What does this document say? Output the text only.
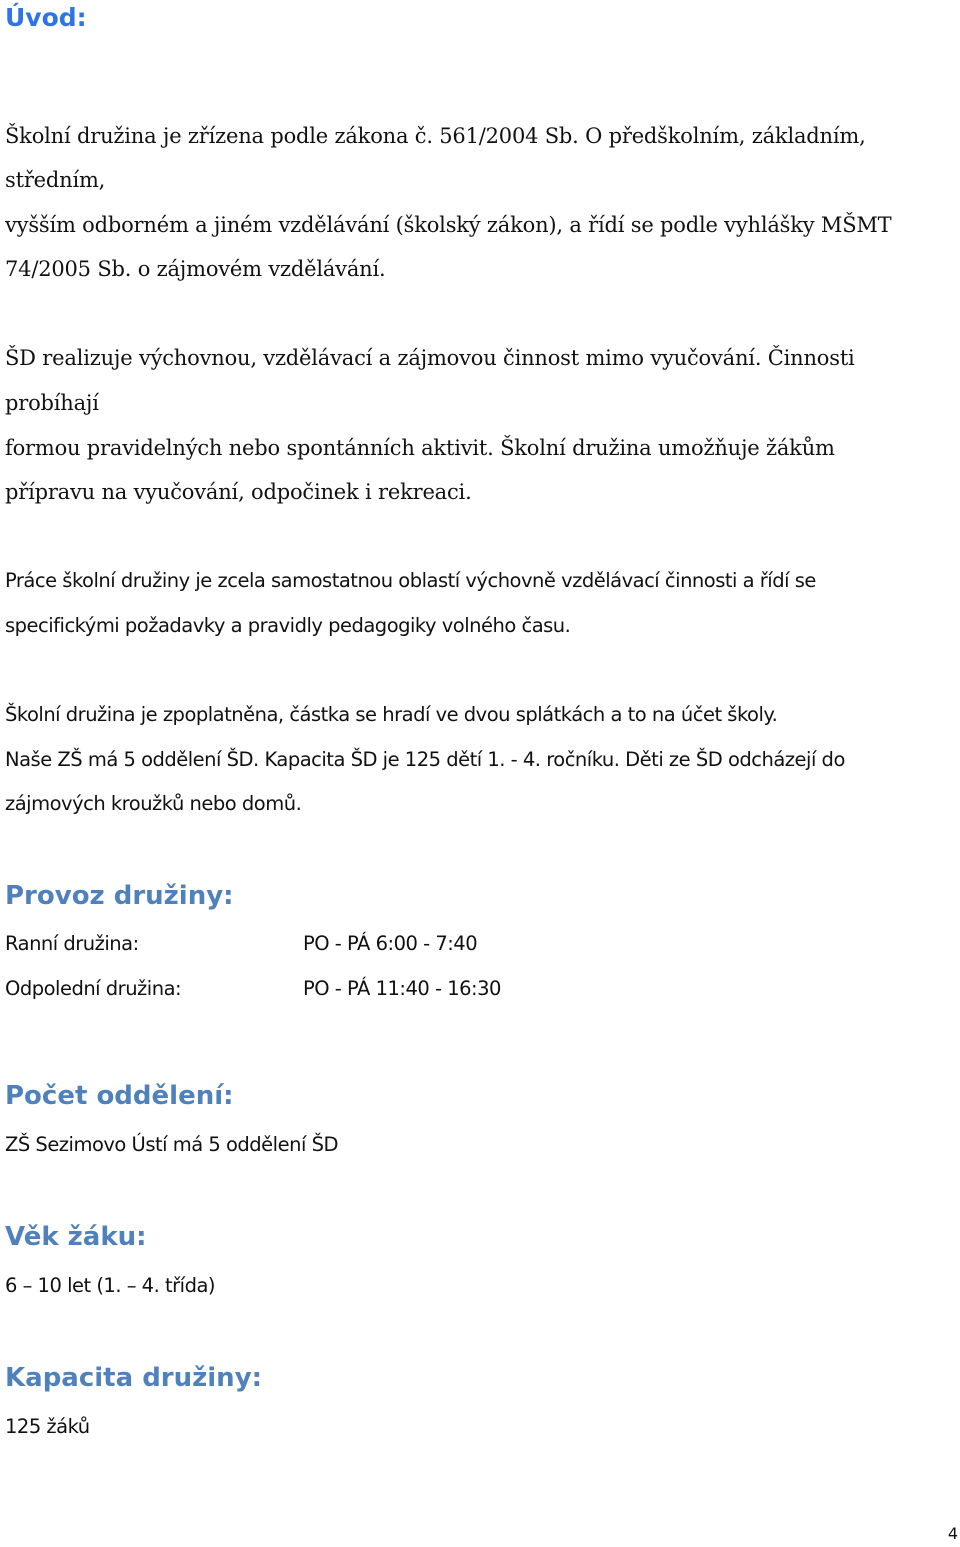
Úvod:

Školní družina je zřízena podle zákona č. 561/2004 Sb. O předškolním, základním,

středním,

vyšším odborném a jiném vzdělávání (školský zákon), a řídí se podle vyhlášky MŠMT

74/2005 Sb. o zájmovém vzdělávání.

ŠD realizuje výchovnou, vzdělávací a zájmovou činnost mimo vyučování. Činnosti

probíhají

formou pravidelných nebo spontánních aktivit. Školní družina umožňuje žákům

přípravu na vyučování, odpočinek i rekreaci.

Práce školní družiny je zcela samostatnou oblastí výchovně vzdělávací činnosti a řídí se

specifickými požadavky a pravidly pedagogiky volného času.

Školní družina je zpoplatněna, částka se hradí ve dvou splátkách a to na účet školy.

Naše ZŠ má 5 oddělení ŠD. Kapacita ŠD je 125 dětí 1. - 4. ročníku. Děti ze ŠD odcházejí do

zájmových kroužků nebo domů.

Provoz družiny:
Ranní družina:	PO - PÁ 6:00 - 7:40
Odpolední družina:	PO - PÁ 11:40 - 16:30
Počet oddělení:

ZŠ Sezimovo Ústí má 5 oddělení ŠD

Věk žáku:

6 – 10 let (1. – 4. třída)

Kapacita družiny:

125 žáků

4
